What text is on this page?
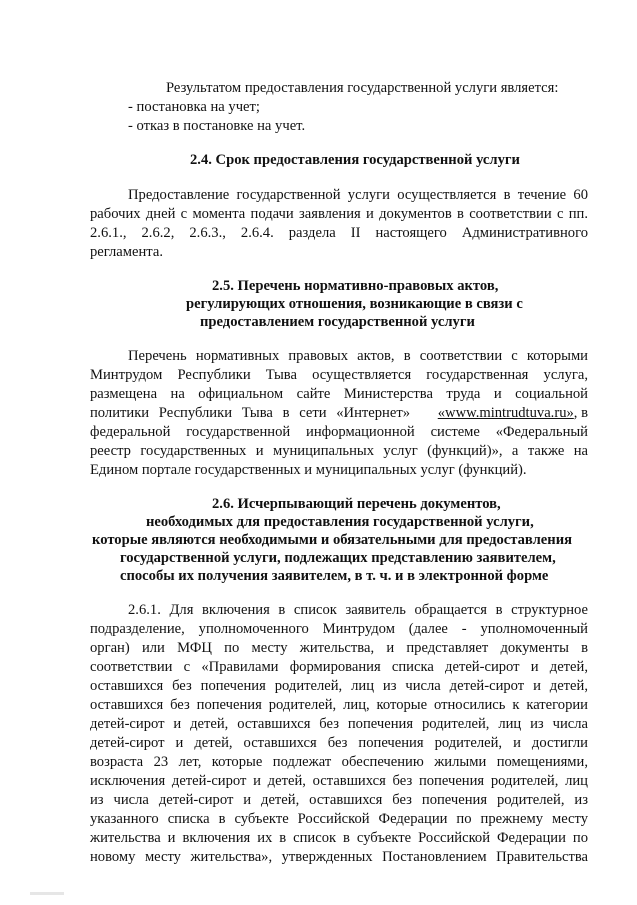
Результатом предоставления государственной услуги является:
- постановка на учет;
- отказ в постановке на учет.
2.4. Срок предоставления государственной услуги
Предоставление государственной услуги осуществляется в течение 60
рабочих дней с момента подачи заявления и документов в соответствии с пп.
2.6.1., 2.6.2, 2.6.3., 2.6.4. раздела II настоящего Административного
регламента.
2.5. Перечень нормативно-правовых актов,
регулирующих отношения, возникающие в связи с
предоставлением государственной услуги
Перечень нормативных правовых актов, в соответствии с которыми
Минтрудом Республики Тыва осуществляется государственная услуга,
размещена на официальном сайте Министерства труда и социальной
политики Республики Тыва в сети «Интернет» «www.mintrudtuva.ru», в
федеральной государственной информационной системе «Федеральный
реестр государственных и муниципальных услуг (функций)», а также на
Едином портале государственных и муниципальных услуг (функций).
2.6. Исчерпывающий перечень документов,
необходимых для предоставления государственной услуги,
которые являются необходимыми и обязательными для предоставления
государственной услуги, подлежащих представлению заявителем,
способы их получения заявителем, в т. ч. и в электронной форме
2.6.1. Для включения в список заявитель обращается в структурное
подразделение, уполномоченного Минтрудом (далее - уполномоченный
орган) или МФЦ по месту жительства, и представляет документы в
соответствии с «Правилами формирования списка детей-сирот и детей,
оставшихся без попечения родителей, лиц из числа детей-сирот и детей,
оставшихся без попечения родителей, лиц, которые относились к категории
детей-сирот и детей, оставшихся без попечения родителей, лиц из числа
детей-сирот и детей, оставшихся без попечения родителей, и достигли
возраста 23 лет, которые подлежат обеспечению жилыми помещениями,
исключения детей-сирот и детей, оставшихся без попечения родителей, лиц
из числа детей-сирот и детей, оставшихся без попечения родителей, из
указанного списка в субъекте Российской Федерации по прежнему месту
жительства и включения их в список в субъекте Российской Федерации по
новому месту жительства», утвержденных Постановлением Правительства
